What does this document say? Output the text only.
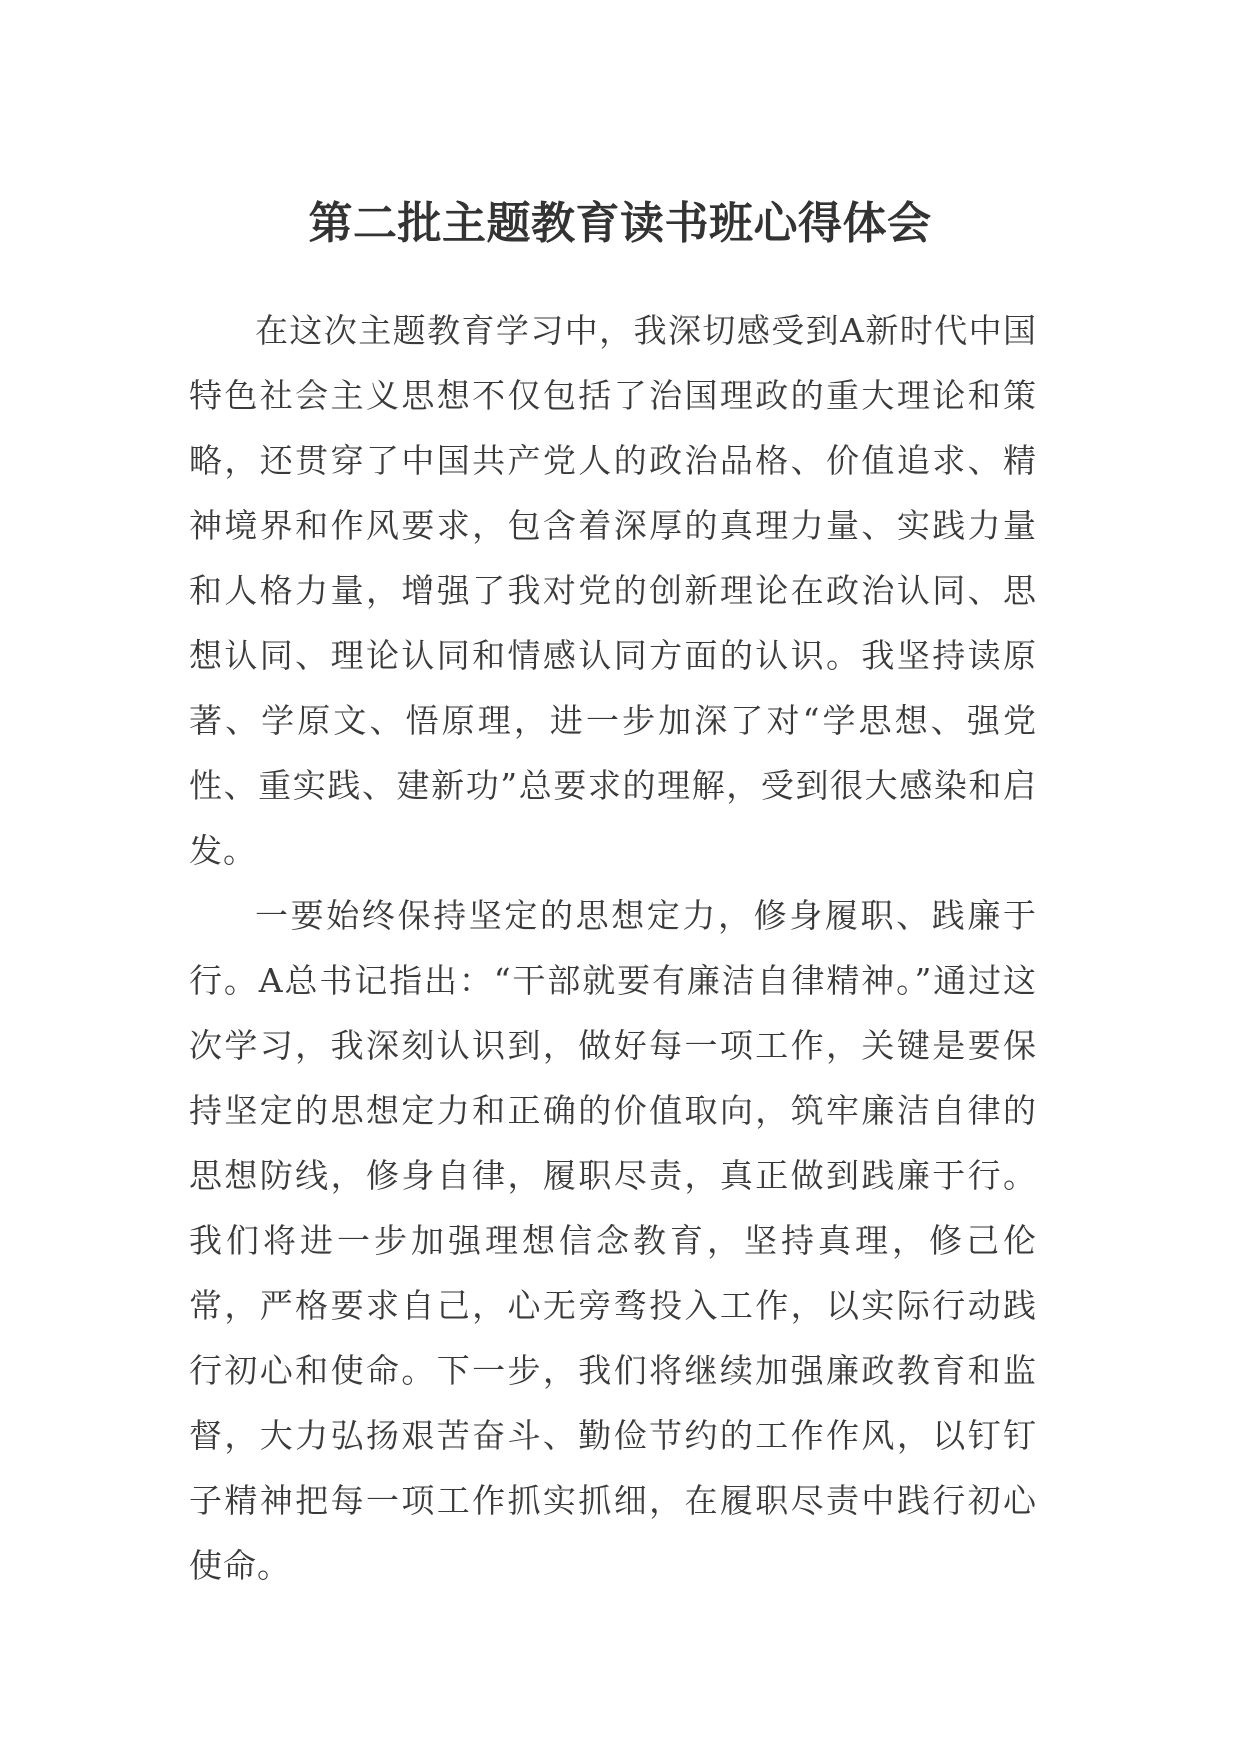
第二批主题教育读书班心得体会

在这次主题教育学习中，我深切感受到A新时代中国特色社会主义思想不仅包括了治国理政的重大理论和策略，还贯穿了中国共产党人的政治品格、价值追求、精神境界和作风要求，包含着深厚的真理力量、实践力量和人格力量，增强了我对党的创新理论在政治认同、思想认同、理论认同和情感认同方面的认识。我坚持读原著、学原文、悟原理，进一步加深了对“学思想、强党性、重实践、建新功”总要求的理解，受到很大感染和启发。

一要始终保持坚定的思想定力，修身履职、践廉于行。A总书记指出：“干部就要有廉洁自律精神。”通过这次学习，我深刻认识到，做好每一项工作，关键是要保持坚定的思想定力和正确的价值取向，筑牢廉洁自律的思想防线，修身自律，履职尽责，真正做到践廉于行。我们将进一步加强理想信念教育，坚持真理，修己伦常，严格要求自己，心无旁骛投入工作，以实际行动践行初心和使命。下一步，我们将继续加强廉政教育和监督，大力弘扬艰苦奋斗、勤俭节约的工作作风，以钉钉子精神把每一项工作抓实抓细，在履职尽责中践行初心使命。
